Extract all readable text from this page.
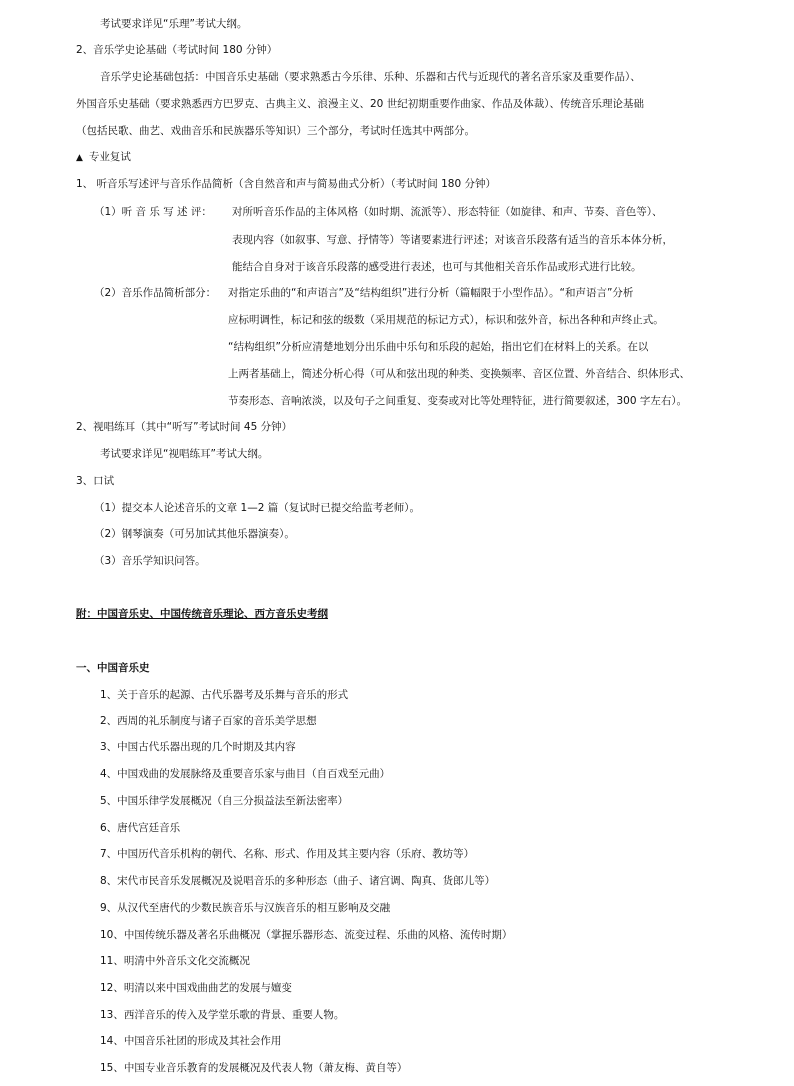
考试要求详见“乐理”考试大纲。
2、音乐学史论基础（考试时间 180 分钟）
音乐学史论基础包括：中国音乐史基础（要求熟悉古今乐律、乐种、乐器和古代与近现代的著名音乐家及重要作品）、
外国音乐史基础（要求熟悉西方巴罗克、古典主义、浪漫主义、20 世纪初期重要作曲家、作品及体裁）、传统音乐理论基础
（包括民歌、曲艺、戏曲音乐和民族器乐等知识）三个部分，考试时任选其中两部分。
▲ 专业复试
1、 听音乐写述评与音乐作品简析（含自然音和声与简易曲式分析）（考试时间 180 分钟）
（1）听 音 乐 写 述 评： 对所听音乐作品的主体风格（如时期、流派等）、形态特征（如旋律、和声、节奏、音色等）、
表现内容（如叙事、写意、抒情等）等诸要素进行评述；对该音乐段落有适当的音乐本体分析，
能结合自身对于该音乐段落的感受进行表述，也可与其他相关音乐作品或形式进行比较。
（2）音乐作品简析部分： 对指定乐曲的“和声语言”及“结构组织”进行分析（篇幅限于小型作品）。“和声语言”分析
应标明调性，标记和弦的级数（采用规范的标记方式），标识和弦外音，标出各种和声终止式。
“结构组织”分析应清楚地划分出乐曲中乐句和乐段的起始，指出它们在材料上的关系。在以
上两者基础上，简述分析心得（可从和弦出现的种类、变换频率、音区位置、外音结合、织体形式、
节奏形态、音响浓淡，以及句子之间重复、变奏或对比等处理特征，进行简要叙述，300 字左右）。
2、视唱练耳（其中“听写”考试时间 45 分钟）
考试要求详见“视唱练耳”考试大纲。
3、口试
（1）提交本人论述音乐的文章 1—2 篇（复试时已提交给监考老师）。
（2）钢琴演奏（可另加试其他乐器演奏）。
（3）音乐学知识问答。
附：中国音乐史、中国传统音乐理论、西方音乐史考纲
一、中国音乐史
1、关于音乐的起源、古代乐器考及乐舞与音乐的形式
2、西周的礼乐制度与诸子百家的音乐美学思想
3、中国古代乐器出现的几个时期及其内容
4、中国戏曲的发展脉络及重要音乐家与曲目（自百戏至元曲）
5、中国乐律学发展概况（自三分损益法至新法密率）
6、唐代宫廷音乐
7、中国历代音乐机构的朝代、名称、形式、作用及其主要内容（乐府、教坊等）
8、宋代市民音乐发展概况及说唱音乐的多种形态（曲子、诸宫调、陶真、货郎儿等）
9、从汉代至唐代的少数民族音乐与汉族音乐的相互影响及交融
10、中国传统乐器及著名乐曲概况（掌握乐器形态、流变过程、乐曲的风格、流传时期）
11、明清中外音乐文化交流概况
12、明清以来中国戏曲曲艺的发展与嬗变
13、西洋音乐的传入及学堂乐歌的背景、重要人物。
14、中国音乐社团的形成及其社会作用
15、中国专业音乐教育的发展概况及代表人物（萧友梅、黄自等）
